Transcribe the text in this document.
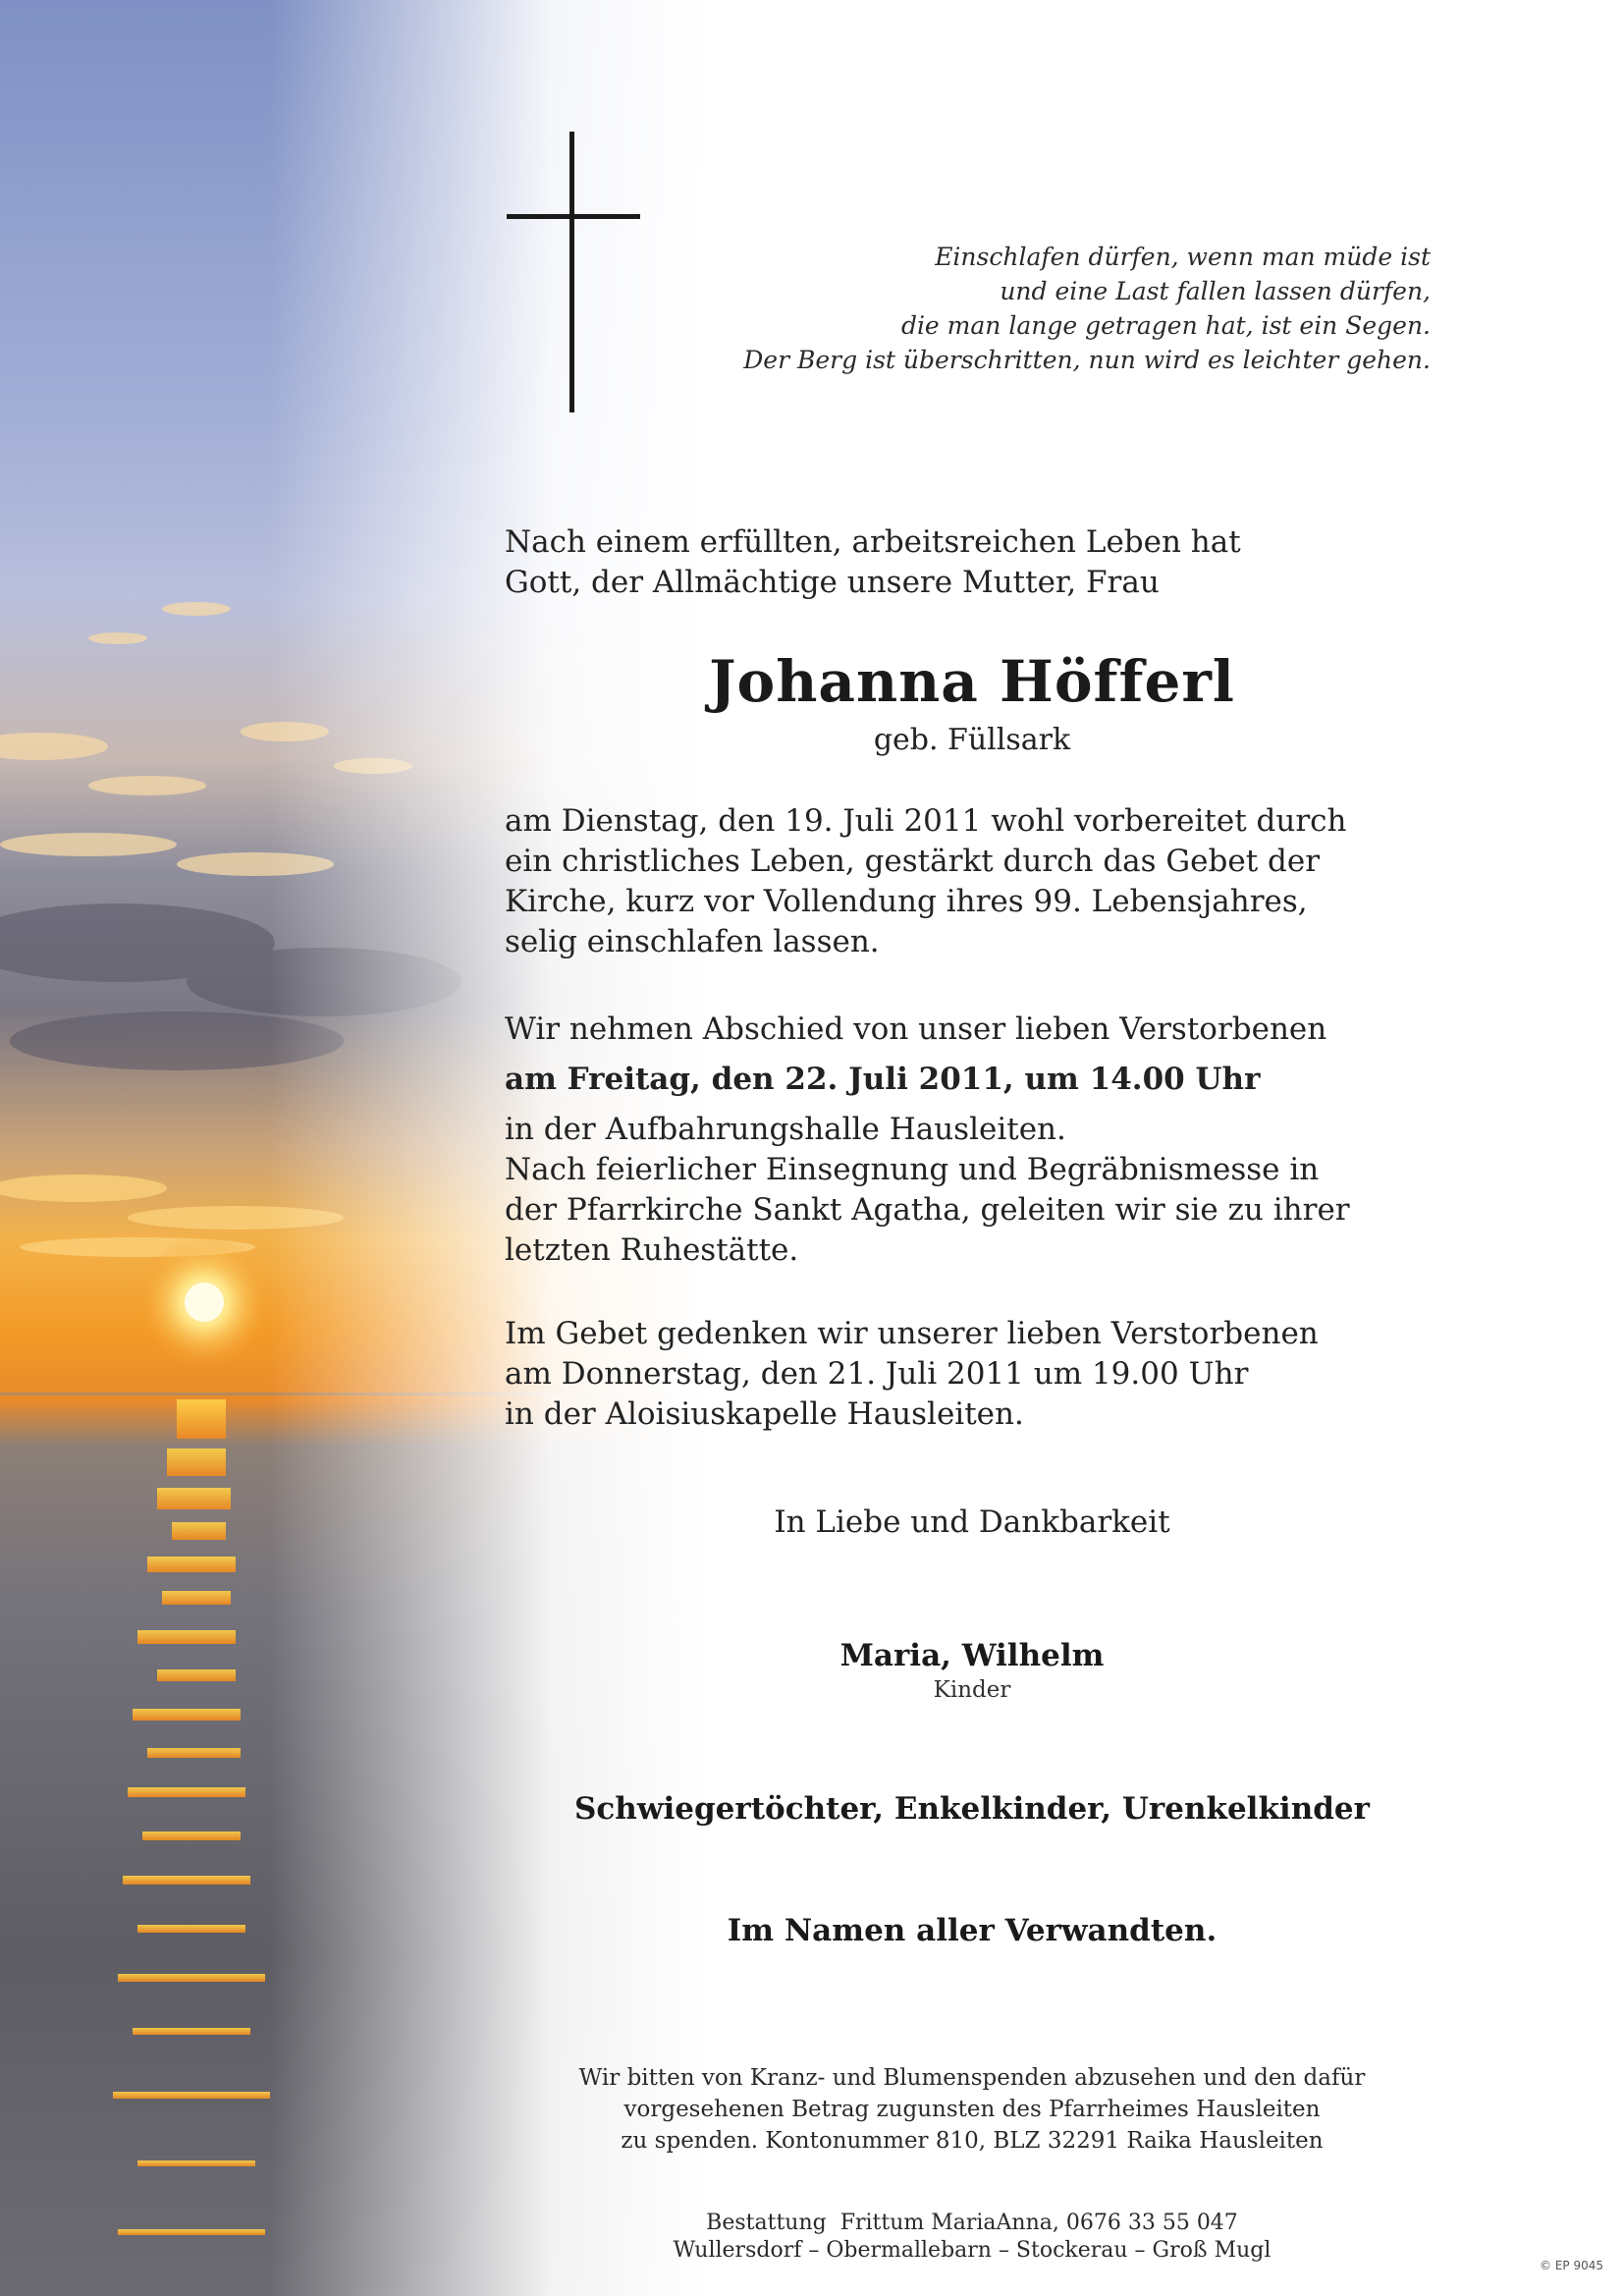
Einschlafen dürfen, wenn man müde ist
und eine Last fallen lassen dürfen,
die man lange getragen hat, ist ein Segen.
Der Berg ist überschritten, nun wird es leichter gehen.
Nach einem erfüllten, arbeitsreichen Leben hat
Gott, der Allmächtige unsere Mutter, Frau
Johanna Höfferl
geb. Füllsark
am Dienstag, den 19. Juli 2011 wohl vorbereitet durch
ein christliches Leben, gestärkt durch das Gebet der
Kirche, kurz vor Vollendung ihres 99. Lebensjahres,
selig einschlafen lassen.
Wir nehmen Abschied von unser lieben Verstorbenen
am Freitag, den 22. Juli 2011, um 14.00 Uhr
in der Aufbahrungshalle Hausleiten.
Nach feierlicher Einsegnung und Begräbnismesse in
der Pfarrkirche Sankt Agatha, geleiten wir sie zu ihrer
letzten Ruhestätte.
Im Gebet gedenken wir unserer lieben Verstorbenen
am Donnerstag, den 21. Juli 2011 um 19.00 Uhr
in der Aloisiuskapelle Hausleiten.
In Liebe und Dankbarkeit
Maria, Wilhelm
Kinder
Schwiegertöchter, Enkelkinder, Urenkelkinder
Im Namen aller Verwandten.
Wir bitten von Kranz- und Blumenspenden abzusehen und den dafür
vorgesehenen Betrag zugunsten des Pfarrheimes Hausleiten
zu spenden. Kontonummer 810, BLZ 32291 Raika Hausleiten
Bestattung  Frittum MariaAnna, 0676 33 55 047
Wullersdorf – Obermallebarn – Stockerau – Groß Mugl
© EP 9045
